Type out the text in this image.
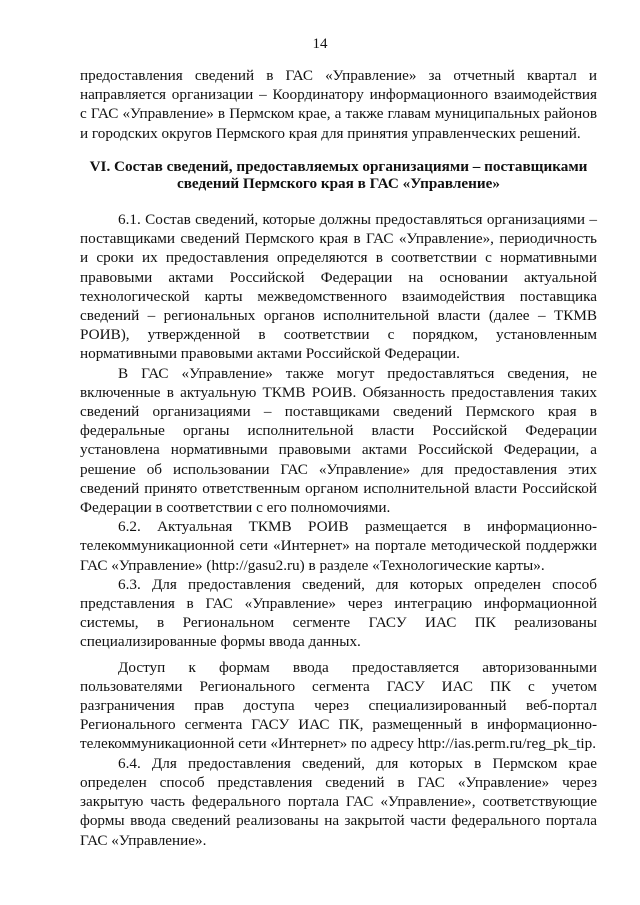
14

предоставления сведений в ГАС «Управление» за отчетный квартал и направляется организации – Координатору информационного взаимодействия с ГАС «Управление» в Пермском крае, а также главам муниципальных районов и городских округов Пермского края для принятия управленческих решений.

VI. Состав сведений, предоставляемых организациями – поставщиками
сведений Пермского края в ГАС «Управление»

6.1. Состав сведений, которые должны предоставляться организациями – поставщиками сведений Пермского края в ГАС «Управление», периодичность и сроки их предоставления определяются в соответствии с нормативными правовыми актами Российской Федерации на основании актуальной технологической карты межведомственного взаимодействия поставщика сведений – региональных органов исполнительной власти (далее – ТКМВ РОИВ), утвержденной в соответствии с порядком, установленным нормативными правовыми актами Российской Федерации.

В ГАС «Управление» также могут предоставляться сведения, не включенные в актуальную ТКМВ РОИВ. Обязанность предоставления таких сведений организациями – поставщиками сведений Пермского края в федеральные органы исполнительной власти Российской Федерации установлена нормативными правовыми актами Российской Федерации, а решение об использовании ГАС «Управление» для предоставления этих сведений принято ответственным органом исполнительной власти Российской Федерации в соответствии с его полномочиями.

6.2. Актуальная ТКМВ РОИВ размещается в информационно-телекоммуникационной сети «Интернет» на портале методической поддержки ГАС «Управление» (http://gasu2.ru) в разделе «Технологические карты».

6.3. Для предоставления сведений, для которых определен способ представления в ГАС «Управление» через интеграцию информационной системы, в Региональном сегменте ГАСУ ИАС ПК реализованы специализированные формы ввода данных.

Доступ к формам ввода предоставляется авторизованными пользователями Регионального сегмента ГАСУ ИАС ПК с учетом разграничения прав доступа через специализированный веб-портал Регионального сегмента ГАСУ ИАС ПК, размещенный в информационно-телекоммуникационной сети «Интернет» по адресу http://ias.perm.ru/reg_pk_tip.

6.4. Для предоставления сведений, для которых в Пермском крае определен способ представления сведений в ГАС «Управление» через закрытую часть федерального портала ГАС «Управление», соответствующие формы ввода сведений реализованы на закрытой части федерального портала ГАС «Управление».
